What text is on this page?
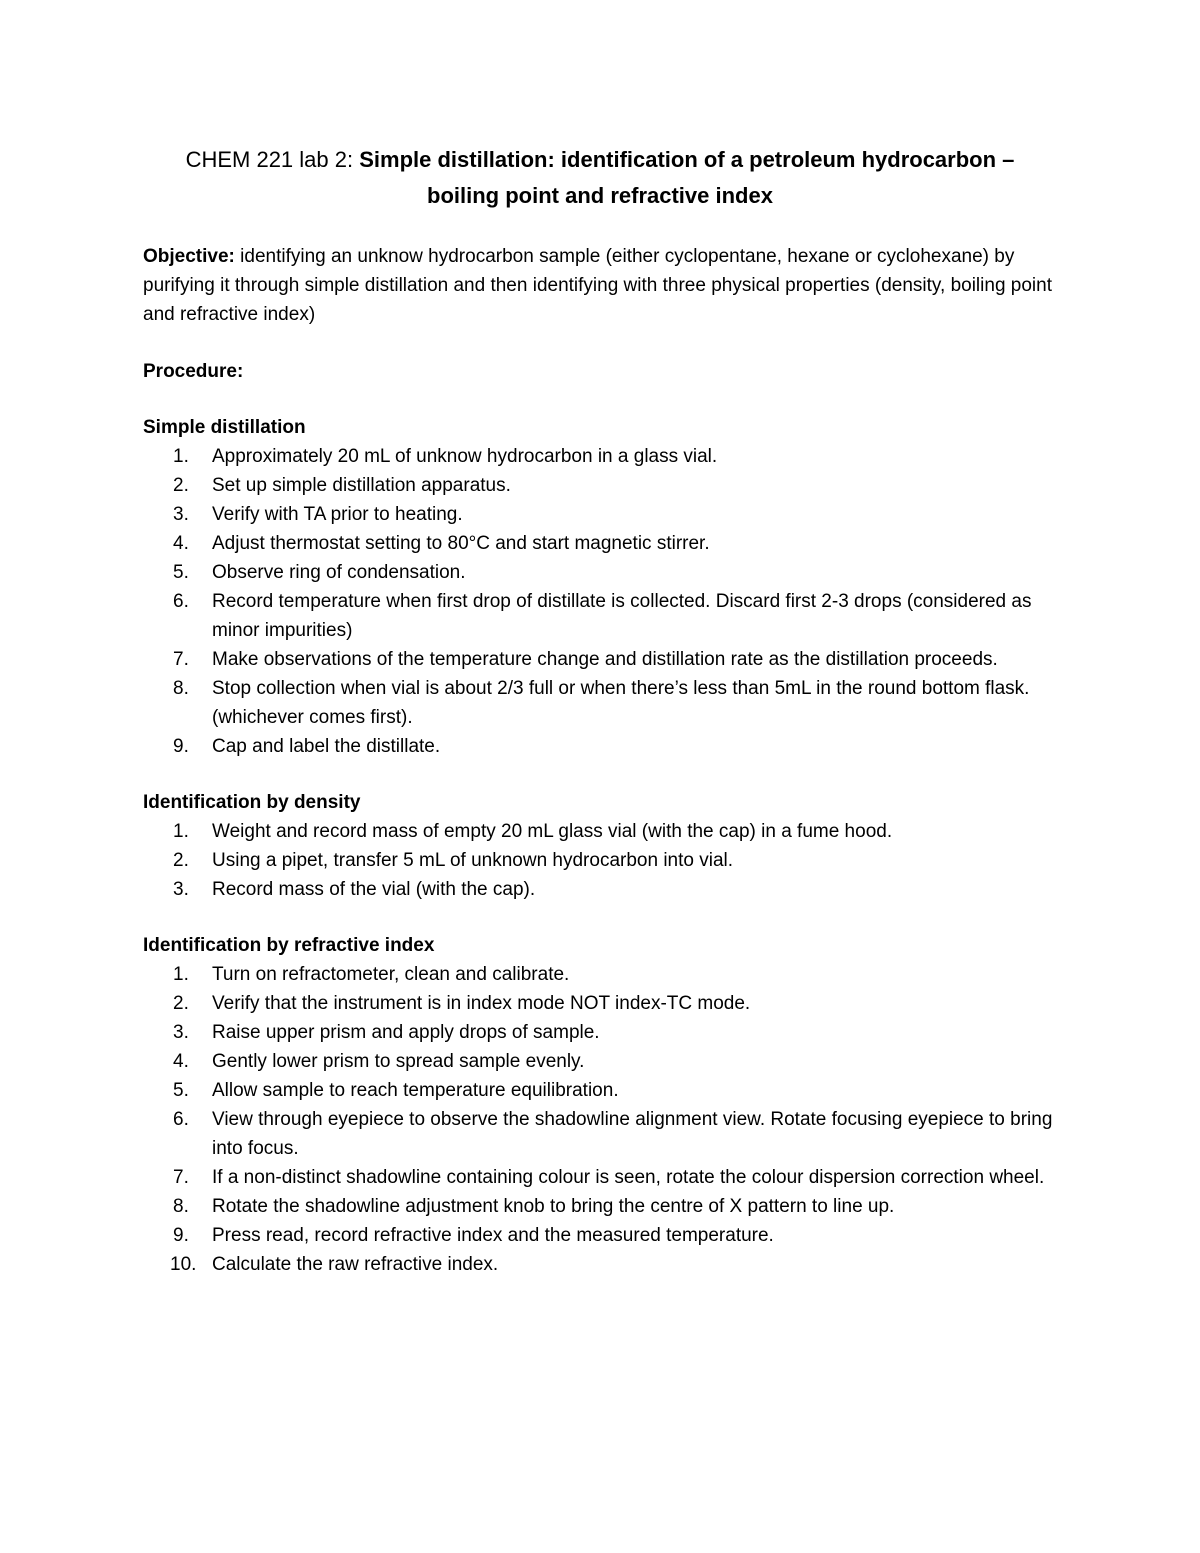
CHEM 221 lab 2: Simple distillation: identification of a petroleum hydrocarbon –
boiling point and refractive index

Objective: identifying an unknow hydrocarbon sample (either cyclopentane, hexane or cyclohexane) by purifying it through simple distillation and then identifying with three physical properties (density, boiling point and refractive index)

Procedure:

Simple distillation

1.	Approximately 20 mL of unknow hydrocarbon in a glass vial.
2.	Set up simple distillation apparatus.
3.	Verify with TA prior to heating.
4.	Adjust thermostat setting to 80°C and start magnetic stirrer.
5.	Observe ring of condensation.
6.	Record temperature when first drop of distillate is collected. Discard first 2-3 drops (considered as minor impurities)
7.	Make observations of the temperature change and distillation rate as the distillation proceeds.
8.	Stop collection when vial is about 2/3 full or when there’s less than 5mL in the round bottom flask. (whichever comes first).
9.	Cap and label the distillate.

Identification by density

1.	Weight and record mass of empty 20 mL glass vial (with the cap) in a fume hood.
2.	Using a pipet, transfer 5 mL of unknown hydrocarbon into vial.
3.	Record mass of the vial (with the cap).

Identification by refractive index

1.	Turn on refractometer, clean and calibrate.
2.	Verify that the instrument is in index mode NOT index-TC mode.
3.	Raise upper prism and apply drops of sample.
4.	Gently lower prism to spread sample evenly.
5.	Allow sample to reach temperature equilibration.
6.	View through eyepiece to observe the shadowline alignment view. Rotate focusing eyepiece to bring into focus.
7.	If a non-distinct shadowline containing colour is seen, rotate the colour dispersion correction wheel.
8.	Rotate the shadowline adjustment knob to bring the centre of X pattern to line up.
9.	Press read, record refractive index and the measured temperature.
10. Calculate the raw refractive index.
